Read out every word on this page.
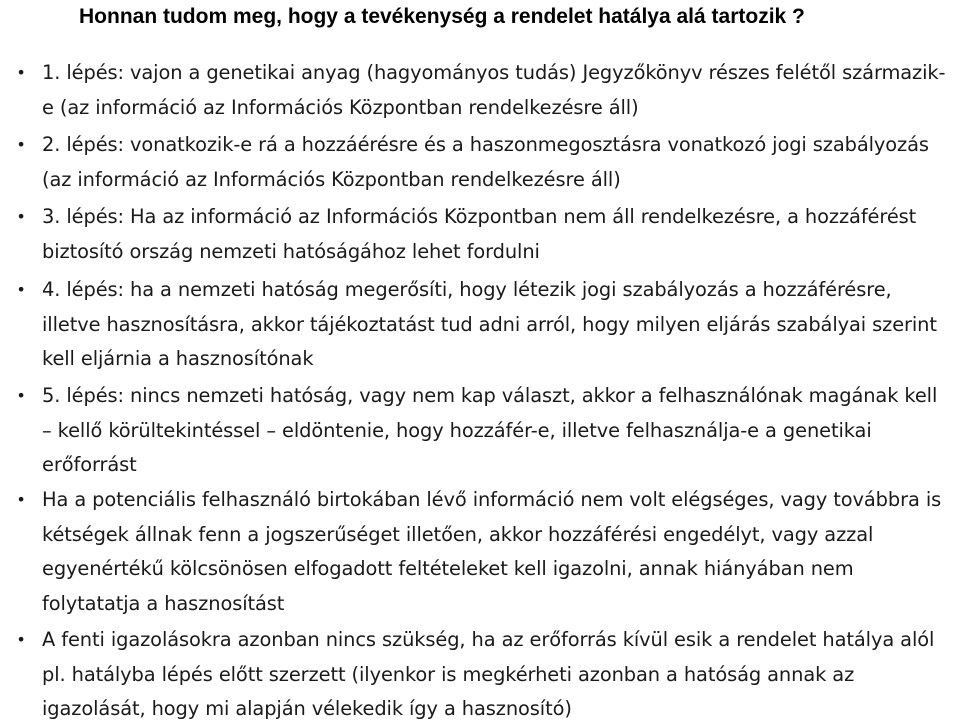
Honnan tudom meg, hogy a tevékenység a rendelet hatálya alá tartozik ?
• 1. lépés: vajon a genetikai anyag (hagyományos tudás) Jegyzőkönyv részes felétől származik-e (az információ az Információs Központban rendelkezésre áll)
• 2. lépés: vonatkozik-e rá a hozzáérésre és a haszonmegosztásra vonatkozó jogi szabályozás (az információ az Információs Központban rendelkezésre áll)
• 3. lépés: Ha az információ az Információs Központban nem áll rendelkezésre, a hozzáférést biztosító ország nemzeti hatóságához lehet fordulni
• 4. lépés: ha a nemzeti hatóság megerősíti, hogy létezik jogi szabályozás a hozzáférésre, illetve hasznosításra, akkor tájékoztatást tud adni arról, hogy milyen eljárás szabályai szerint kell eljárnia a hasznosítónak
• 5. lépés: nincs nemzeti hatóság, vagy nem kap választ, akkor a felhasználónak magának kell – kellő körültekintéssel – eldöntenie, hogy hozzáfér-e, illetve felhasználja-e a genetikai erőforrást
• Ha a potenciális felhasználó birtokában lévő információ nem volt elégséges, vagy továbbra is kétségek állnak fenn a jogszerűséget illetően, akkor hozzáférési engedélyt, vagy azzal egyenértékű kölcsönösen elfogadott feltételeket kell igazolni, annak hiányában nem folytatatja a hasznosítást
• A fenti igazolásokra azonban nincs szükség, ha az erőforrás kívül esik a rendelet hatálya alól pl. hatályba lépés előtt szerzett (ilyenkor is megkérheti azonban a hatóság annak az igazolását, hogy mi alapján vélekedik így a hasznosító)
